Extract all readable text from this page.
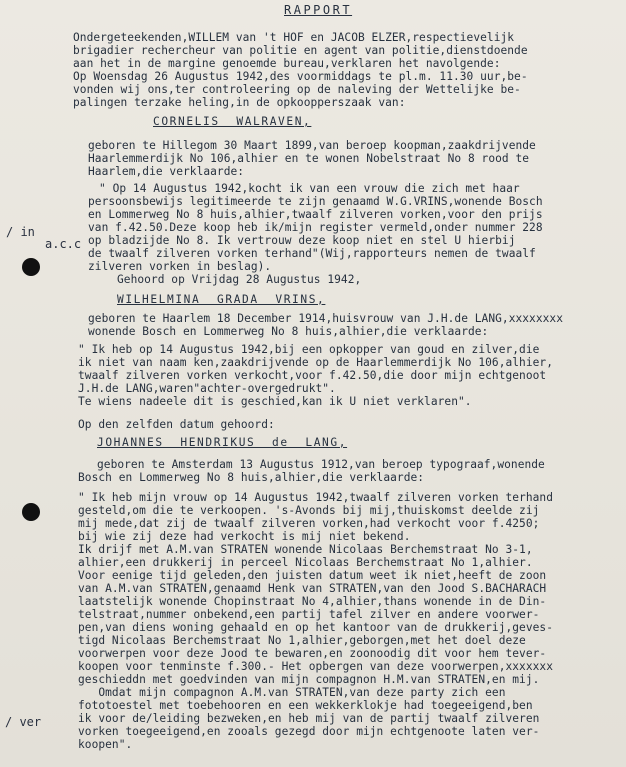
/ in
a.c.c
/ ver
RAPPORT
Ondergeteekenden,WILLEM van 't HOF en JACOB ELZER,respectievelijk
brigadier rechercheur van politie en agent van politie,dienstdoende
aan het in de margine genoemde bureau,verklaren het navolgende:
Op Woensdag 26 Augustus 1942,des voormiddags te pl.m. 11.30 uur,be-
vonden wij ons,ter controleering op de naleving der Wettelijke be-
palingen terzake heling,in de opkoopperszaak van:
CORNELIS  WALRAVEN,
geboren te Hillegom 30 Maart 1899,van beroep koopman,zaakdrijvende
Haarlemmerdijk No 106,alhier en te wonen Nobelstraat No 8 rood te
Haarlem,die verklaarde:
" Op 14 Augustus 1942,kocht ik van een vrouw die zich met haar
persoonsbewijs legitimeerde te zijn genaamd W.G.VRINS,wonende Bosch
en Lommerweg No 8 huis,alhier,twaalf zilveren vorken,voor den prijs
van f.42.50.Deze koop heb ik/mijn register vermeld,onder nummer 228
op bladzijde No 8. Ik vertrouw deze koop niet en stel U hierbij
de twaalf zilveren vorken terhand"(Wij,rapporteurs nemen de twaalf
zilveren vorken in beslag).
Gehoord op Vrijdag 28 Augustus 1942,
WILHELMINA  GRADA  VRINS,
geboren te Haarlem 18 December 1914,huisvrouw van J.H.de LANG,xxxxxxxx
wonende Bosch en Lommerweg No 8 huis,alhier,die verklaarde:
" Ik heb op 14 Augustus 1942,bij een opkopper van goud en zilver,die
ik niet van naam ken,zaakdrijvende op de Haarlemmerdijk No 106,alhier,
twaalf zilveren vorken verkocht,voor f.42.50,die door mijn echtgenoot
J.H.de LANG,waren"achter-overgedrukt".
Te wiens nadeele dit is geschied,kan ik U niet verklaren".
Op den zelfden datum gehoord:
JOHANNES  HENDRIKUS  de  LANG,
geboren te Amsterdam 13 Augustus 1912,van beroep typograaf,wonende
Bosch en Lommerweg No 8 huis,alhier,die verklaarde:
" Ik heb mijn vrouw op 14 Augustus 1942,twaalf zilveren vorken terhand
gesteld,om die te verkoopen. 's-Avonds bij mij,thuiskomst deelde zij
mij mede,dat zij de twaalf zilveren vorken,had verkocht voor f.4250;
bij wie zij deze had verkocht is mij niet bekend.
Ik drijf met A.M.van STRATEN wonende Nicolaas Berchemstraat No 3-1,
alhier,een drukkerij in perceel Nicolaas Berchemstraat No 1,alhier.
Voor eenige tijd geleden,den juisten datum weet ik niet,heeft de zoon
van A.M.van STRATEN,genaamd Henk van STRATEN,van den Jood S.BACHARACH
laatstelijk wonende Chopinstraat No 4,alhier,thans wonende in de Din-
telstraat,nummer onbekend,een partij tafel zilver en andere voorwer-
pen,van diens woning gehaald en op het kantoor van de drukkerij,geves-
tigd Nicolaas Berchemstraat No 1,alhier,geborgen,met het doel deze
voorwerpen voor deze Jood te bewaren,en zoonoodig dit voor hem tever-
koopen voor tenminste f.300.- Het opbergen van deze voorwerpen,xxxxxxx
geschieddn met goedvinden van mijn compagnon H.M.van STRATEN,en mij.
Omdat mijn compagnon A.M.van STRATEN,van deze party zich een
fototoestel met toebehooren en een wekkerklokje had toegeeigend,ben
ik voor de/leiding bezweken,en heb mij van de partij twaalf zilveren
vorken toegeeigend,en zooals gezegd door mijn echtgenoote laten ver-
koopen".
